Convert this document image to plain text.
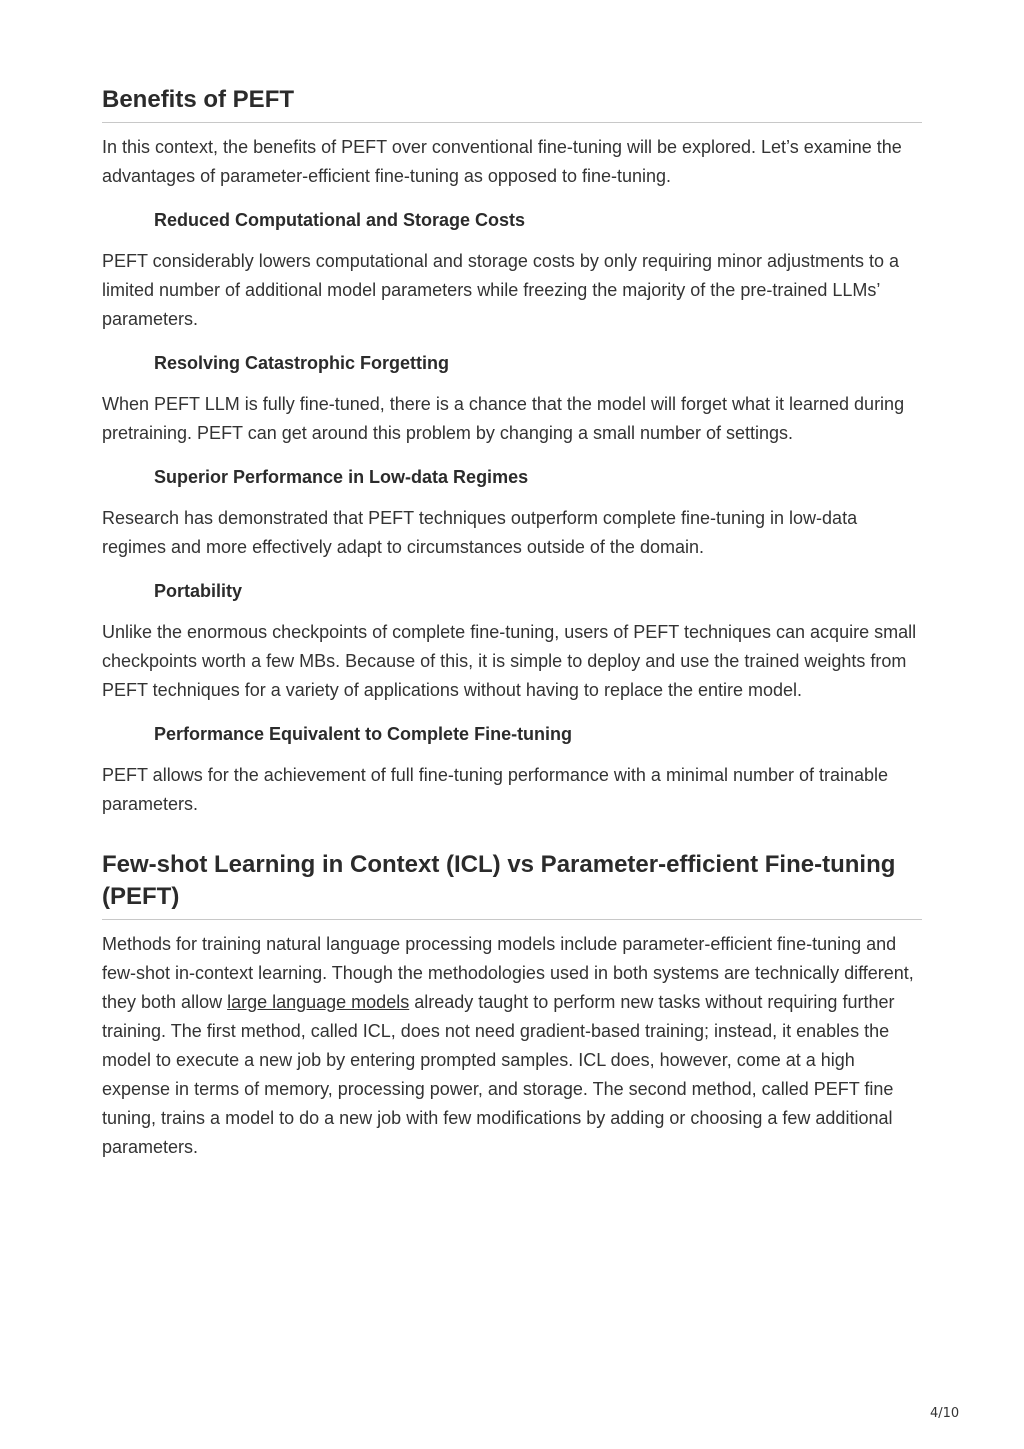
Benefits of PEFT

In this context, the benefits of PEFT over conventional fine-tuning will be explored. Let’s examine the advantages of parameter-efficient fine-tuning as opposed to fine-tuning.

Reduced Computational and Storage Costs

PEFT considerably lowers computational and storage costs by only requiring minor adjustments to a limited number of additional model parameters while freezing the majority of the pre-trained LLMs’ parameters.

Resolving Catastrophic Forgetting

When PEFT LLM is fully fine-tuned, there is a chance that the model will forget what it learned during pretraining. PEFT can get around this problem by changing a small number of settings.

Superior Performance in Low-data Regimes

Research has demonstrated that PEFT techniques outperform complete fine-tuning in low-data regimes and more effectively adapt to circumstances outside of the domain.

Portability

Unlike the enormous checkpoints of complete fine-tuning, users of PEFT techniques can acquire small checkpoints worth a few MBs. Because of this, it is simple to deploy and use the trained weights from PEFT techniques for a variety of applications without having to replace the entire model.

Performance Equivalent to Complete Fine-tuning

PEFT allows for the achievement of full fine-tuning performance with a minimal number of trainable parameters.

Few-shot Learning in Context (ICL) vs Parameter-efficient Fine-tuning (PEFT)

Methods for training natural language processing models include parameter-efficient fine-tuning and few-shot in-context learning. Though the methodologies used in both systems are technically different, they both allow large language models already taught to perform new tasks without requiring further training. The first method, called ICL, does not need gradient-based training; instead, it enables the model to execute a new job by entering prompted samples. ICL does, however, come at a high expense in terms of memory, processing power, and storage. The second method, called PEFT fine tuning, trains a model to do a new job with few modifications by adding or choosing a few additional parameters.

4/10
